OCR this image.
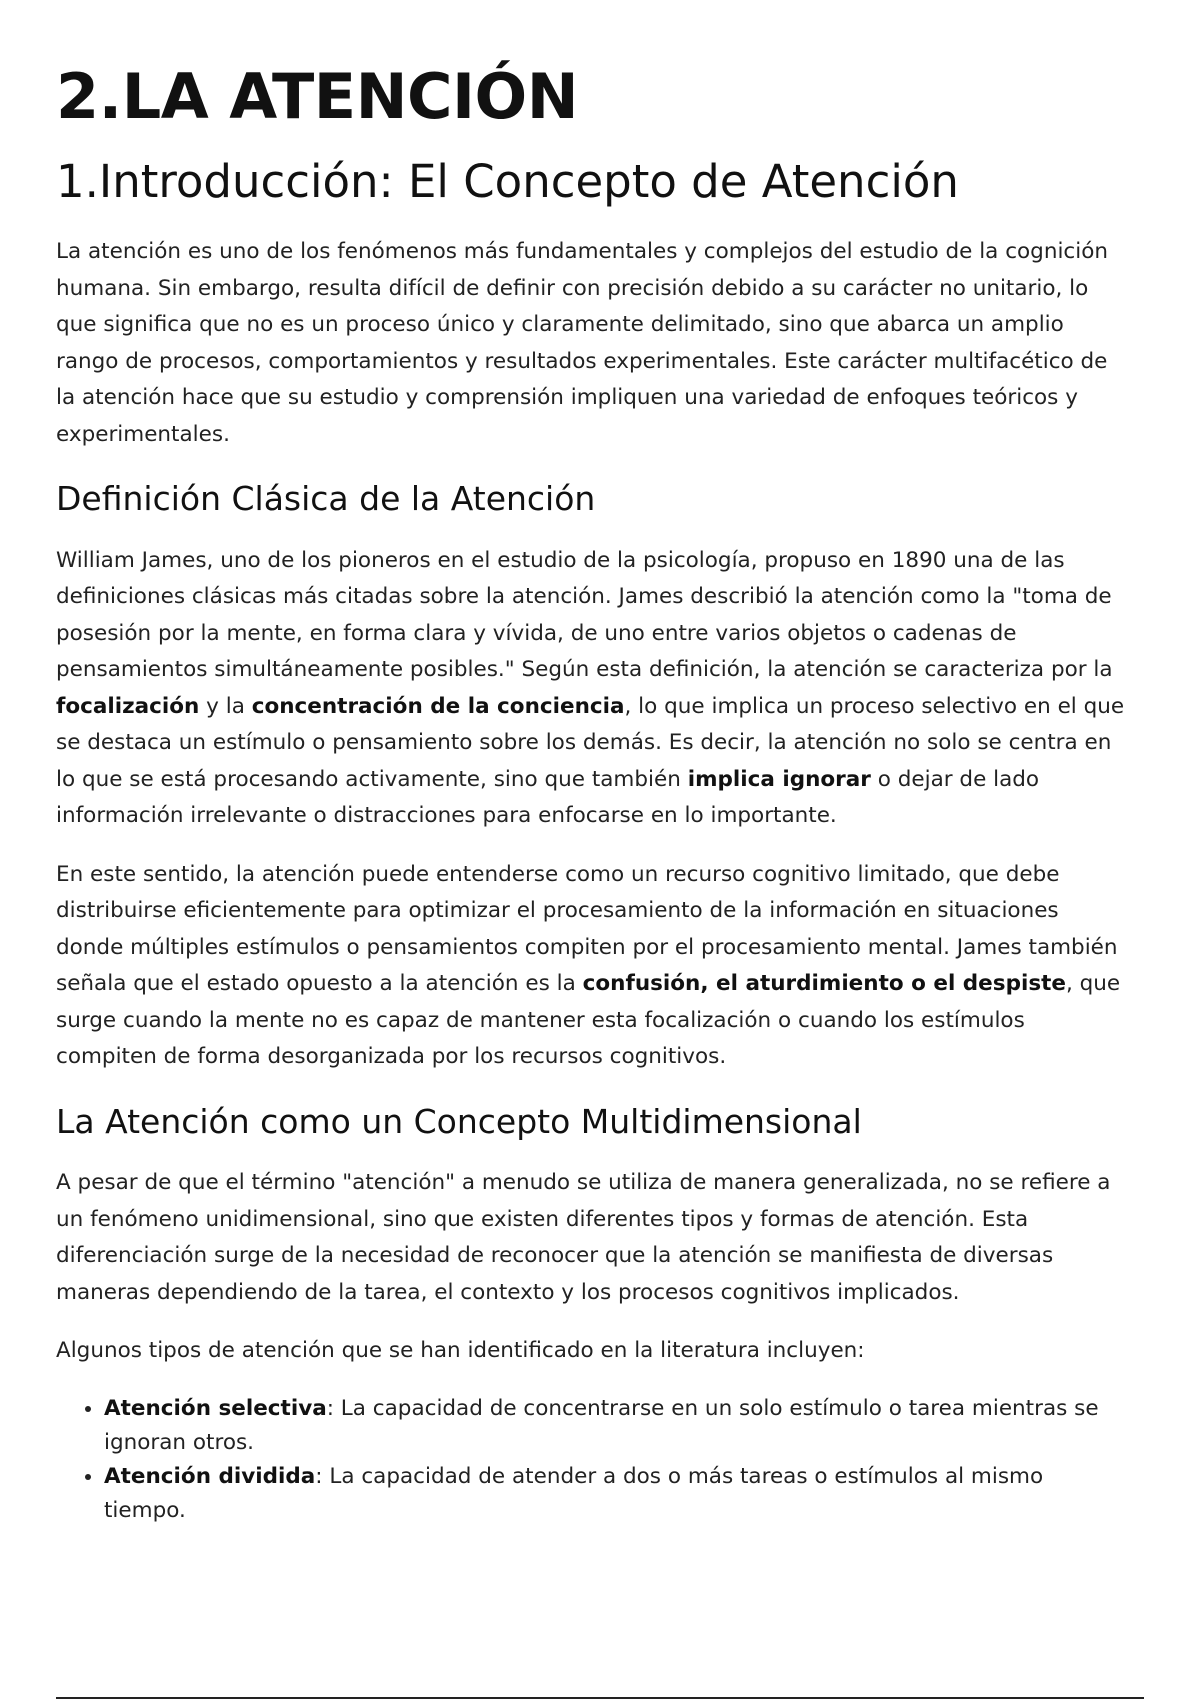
2.LA ATENCIÓN
1.Introducción: El Concepto de Atención

La atención es uno de los fenómenos más fundamentales y complejos del estudio de la cognición humana. Sin embargo, resulta difícil de definir con precisión debido a su carácter no unitario, lo que significa que no es un proceso único y claramente delimitado, sino que abarca un amplio rango de procesos, comportamientos y resultados experimentales. Este carácter multifacético de la atención hace que su estudio y comprensión impliquen una variedad de enfoques teóricos y experimentales.

Definición Clásica de la Atención

William James, uno de los pioneros en el estudio de la psicología, propuso en 1890 una de las definiciones clásicas más citadas sobre la atención. James describió la atención como la "toma de posesión por la mente, en forma clara y vívida, de uno entre varios objetos o cadenas de pensamientos simultáneamente posibles." Según esta definición, la atención se caracteriza por la focalización y la concentración de la conciencia, lo que implica un proceso selectivo en el que se destaca un estímulo o pensamiento sobre los demás. Es decir, la atención no solo se centra en lo que se está procesando activamente, sino que también implica ignorar o dejar de lado información irrelevante o distracciones para enfocarse en lo importante.

En este sentido, la atención puede entenderse como un recurso cognitivo limitado, que debe distribuirse eficientemente para optimizar el procesamiento de la información en situaciones donde múltiples estímulos o pensamientos compiten por el procesamiento mental. James también señala que el estado opuesto a la atención es la confusión, el aturdimiento o el despiste, que surge cuando la mente no es capaz de mantener esta focalización o cuando los estímulos compiten de forma desorganizada por los recursos cognitivos.

La Atención como un Concepto Multidimensional

A pesar de que el término "atención" a menudo se utiliza de manera generalizada, no se refiere a un fenómeno unidimensional, sino que existen diferentes tipos y formas de atención. Esta diferenciación surge de la necesidad de reconocer que la atención se manifiesta de diversas maneras dependiendo de la tarea, el contexto y los procesos cognitivos implicados.

Algunos tipos de atención que se han identificado en la literatura incluyen:

• Atención selectiva: La capacidad de concentrarse en un solo estímulo o tarea mientras se ignoran otros.
• Atención dividida: La capacidad de atender a dos o más tareas o estímulos al mismo tiempo.
